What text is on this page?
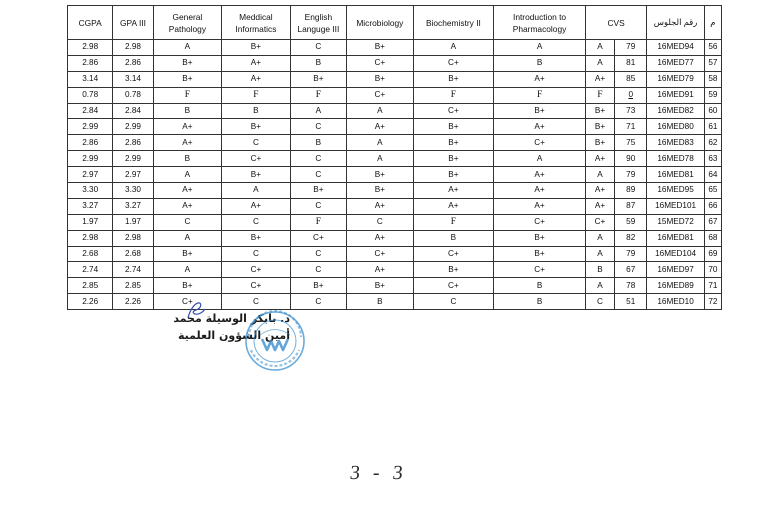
CGPA	GPA III	General Pathology	Meddical Informatics	English Languge III	Microbiology	Biochemistry II	Introduction to Pharmacology	CVS		رقم الجلوس	م
2.98	2.98	A	B+	C	B+	A	A	A	79	16MED94	56
2.86	2.86	B+	A+	B	C+	C+	B	A	81	16MED77	57
3.14	3.14	B+	A+	B+	B+	B+	A+	A+	85	16MED79	58
0.78	0.78	F	F	F	C+	F	F	F	0	16MED91	59
2.84	2.84	B	B	A	A	C+	B+	B+	73	16MED82	60
2.99	2.99	A+	B+	C	A+	B+	A+	B+	71	16MED80	61
2.86	2.86	A+	C	B	A	B+	C+	B+	75	16MED83	62
2.99	2.99	B	C+	C	A	B+	A	A+	90	16MED78	63
2.97	2.97	A	B+	C	B+	B+	A+	A	79	16MED81	64
3.30	3.30	A+	A	B+	B+	A+	A+	A+	89	16MED95	65
3.27	3.27	A+	A+	C	A+	A+	A+	A+	87	16MED101	66
1.97	1.97	C	C	F	C	F	C+	C+	59	15MED72	67
2.98	2.98	A	B+	C+	A+	B	B+	A	82	16MED81	68
2.68	2.68	B+	C	C	C+	C+	B+	A	79	16MED104	69
2.74	2.74	A	C+	C	A+	B+	C+	B	67	16MED97	70
2.85	2.85	B+	C+	B+	B+	C+	B	A	78	16MED89	71
2.26	2.26	C+	C	C	B	C	B	C	51	16MED10	72
د. بابكر الوسيلة محمد
أمين الشؤون العلمية
3 - 3
